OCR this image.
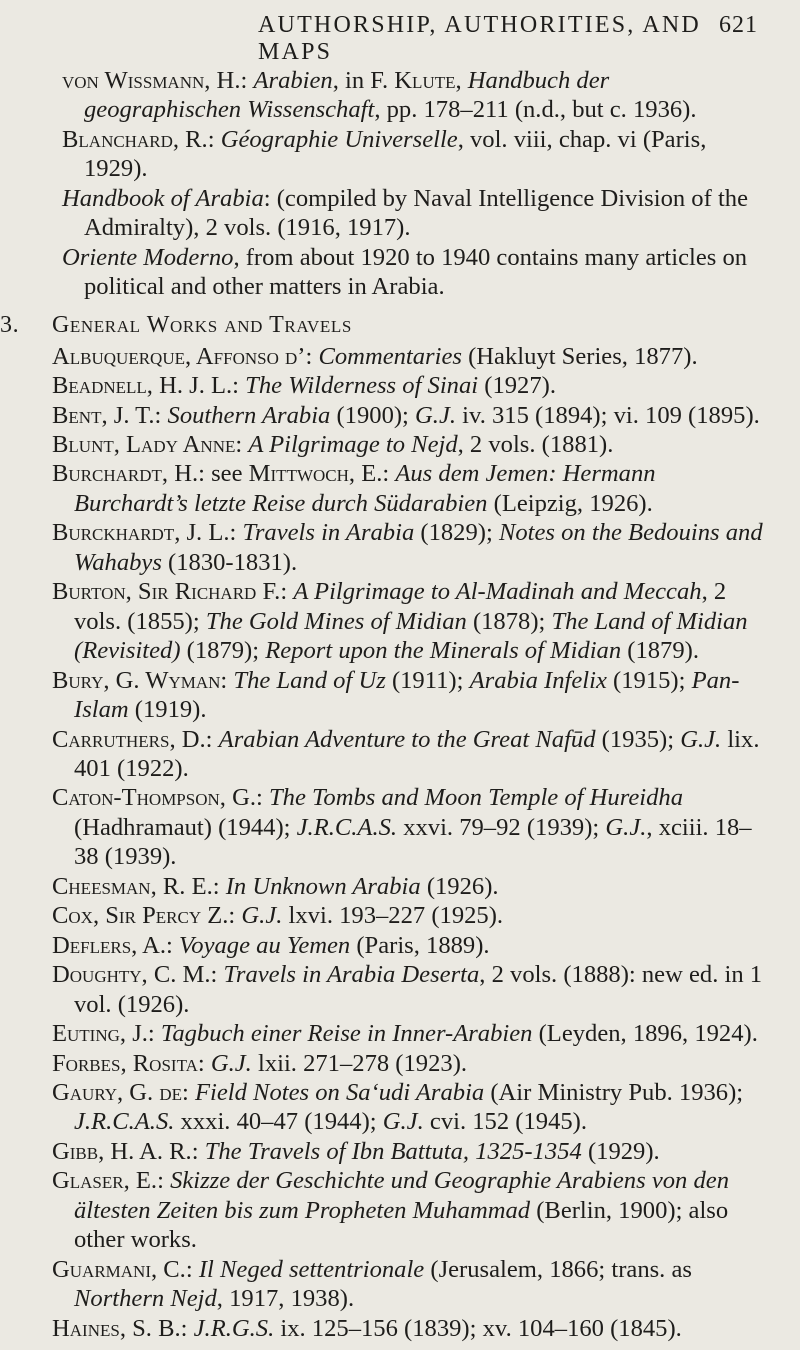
AUTHORSHIP, AUTHORITIES, AND MAPS
621
von Wissmann, H.: Arabien, in F. Klute, Handbuch der geographischen Wissenschaft, pp. 178–211 (n.d., but c. 1936).
Blanchard, R.: Géographie Universelle, vol. viii, chap. vi (Paris, 1929).
Handbook of Arabia: (compiled by Naval Intelligence Division of the Admiralty), 2 vols. (1916, 1917).
Oriente Moderno, from about 1920 to 1940 contains many articles on political and other matters in Arabia.
3. General Works and Travels
Albuquerque, Affonso d’: Commentaries (Hakluyt Series, 1877).
Beadnell, H. J. L.: The Wilderness of Sinai (1927).
Bent, J. T.: Southern Arabia (1900); G.J. iv. 315 (1894); vi. 109 (1895).
Blunt, Lady Anne: A Pilgrimage to Nejd, 2 vols. (1881).
Burchardt, H.: see Mittwoch, E.: Aus dem Jemen: Hermann Burchardt’s letzte Reise durch Südarabien (Leipzig, 1926).
Burckhardt, J. L.: Travels in Arabia (1829); Notes on the Bedouins and Wahabys (1830-1831).
Burton, Sir Richard F.: A Pilgrimage to Al-Madinah and Meccah, 2 vols. (1855); The Gold Mines of Midian (1878); The Land of Midian (Revisited) (1879); Report upon the Minerals of Midian (1879).
Bury, G. Wyman: The Land of Uz (1911); Arabia Infelix (1915); Pan-Islam (1919).
Carruthers, D.: Arabian Adventure to the Great Nafūd (1935); G.J. lix. 401 (1922).
Caton-Thompson, G.: The Tombs and Moon Temple of Hureidha (Hadhramaut) (1944); J.R.C.A.S. xxvi. 79–92 (1939); G.J., xciii. 18–38 (1939).
Cheesman, R. E.: In Unknown Arabia (1926).
Cox, Sir Percy Z.: G.J. lxvi. 193–227 (1925).
Deflers, A.: Voyage au Yemen (Paris, 1889).
Doughty, C. M.: Travels in Arabia Deserta, 2 vols. (1888): new ed. in 1 vol. (1926).
Euting, J.: Tagbuch einer Reise in Inner-Arabien (Leyden, 1896, 1924).
Forbes, Rosita: G.J. lxii. 271–278 (1923).
Gaury, G. de: Field Notes on Sa‘udi Arabia (Air Ministry Pub. 1936); J.R.C.A.S. xxxi. 40–47 (1944); G.J. cvi. 152 (1945).
Gibb, H. A. R.: The Travels of Ibn Battuta, 1325-1354 (1929).
Glaser, E.: Skizze der Geschichte und Geographie Arabiens von den ältesten Zeiten bis zum Propheten Muhammad (Berlin, 1900); also other works.
Guarmani, C.: Il Neged settentrionale (Jerusalem, 1866; trans. as Northern Nejd, 1917, 1938).
Haines, S. B.: J.R.G.S. ix. 125–156 (1839); xv. 104–160 (1845).
